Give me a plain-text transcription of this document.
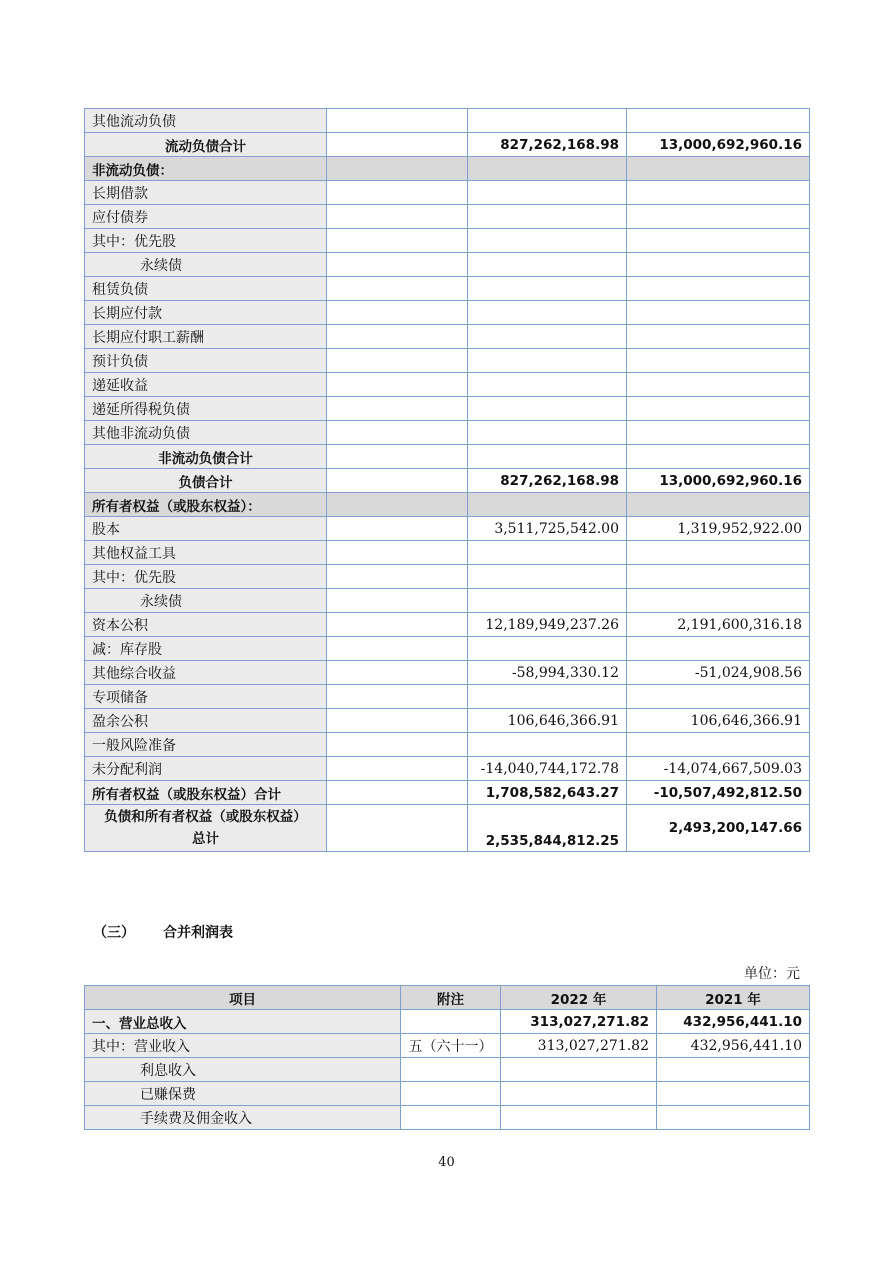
其他流动负债			
流动负债合计		827,262,168.98	13,000,692,960.16
非流动负债：			
长期借款			
应付债券			
其中：优先股			
永续债			
租赁负债			
长期应付款			
长期应付职工薪酬			
预计负债			
递延收益			
递延所得税负债			
其他非流动负债			
非流动负债合计			
负债合计		827,262,168.98	13,000,692,960.16
所有者权益（或股东权益）：			
股本		3,511,725,542.00	1,319,952,922.00
其他权益工具			
其中：优先股			
永续债			
资本公积		12,189,949,237.26	2,191,600,316.18
减：库存股			
其他综合收益		-58,994,330.12	-51,024,908.56
专项储备			
盈余公积		106,646,366.91	106,646,366.91
一般风险准备			
未分配利润		-14,040,744,172.78	-14,074,667,509.03
所有者权益（或股东权益）合计		1,708,582,643.27	-10,507,492,812.50

负债和所有者权益（或股东权益）
总计		2,535,844,812.25	2,493,200,147.66
（三） 合并利润表
单位：元
项目	附注	2022 年	2021 年
一、营业总收入		313,027,271.82	432,956,441.10
其中：营业收入	五（六十一）	313,027,271.82	432,956,441.10
利息收入			
已赚保费			
手续费及佣金收入			
40
